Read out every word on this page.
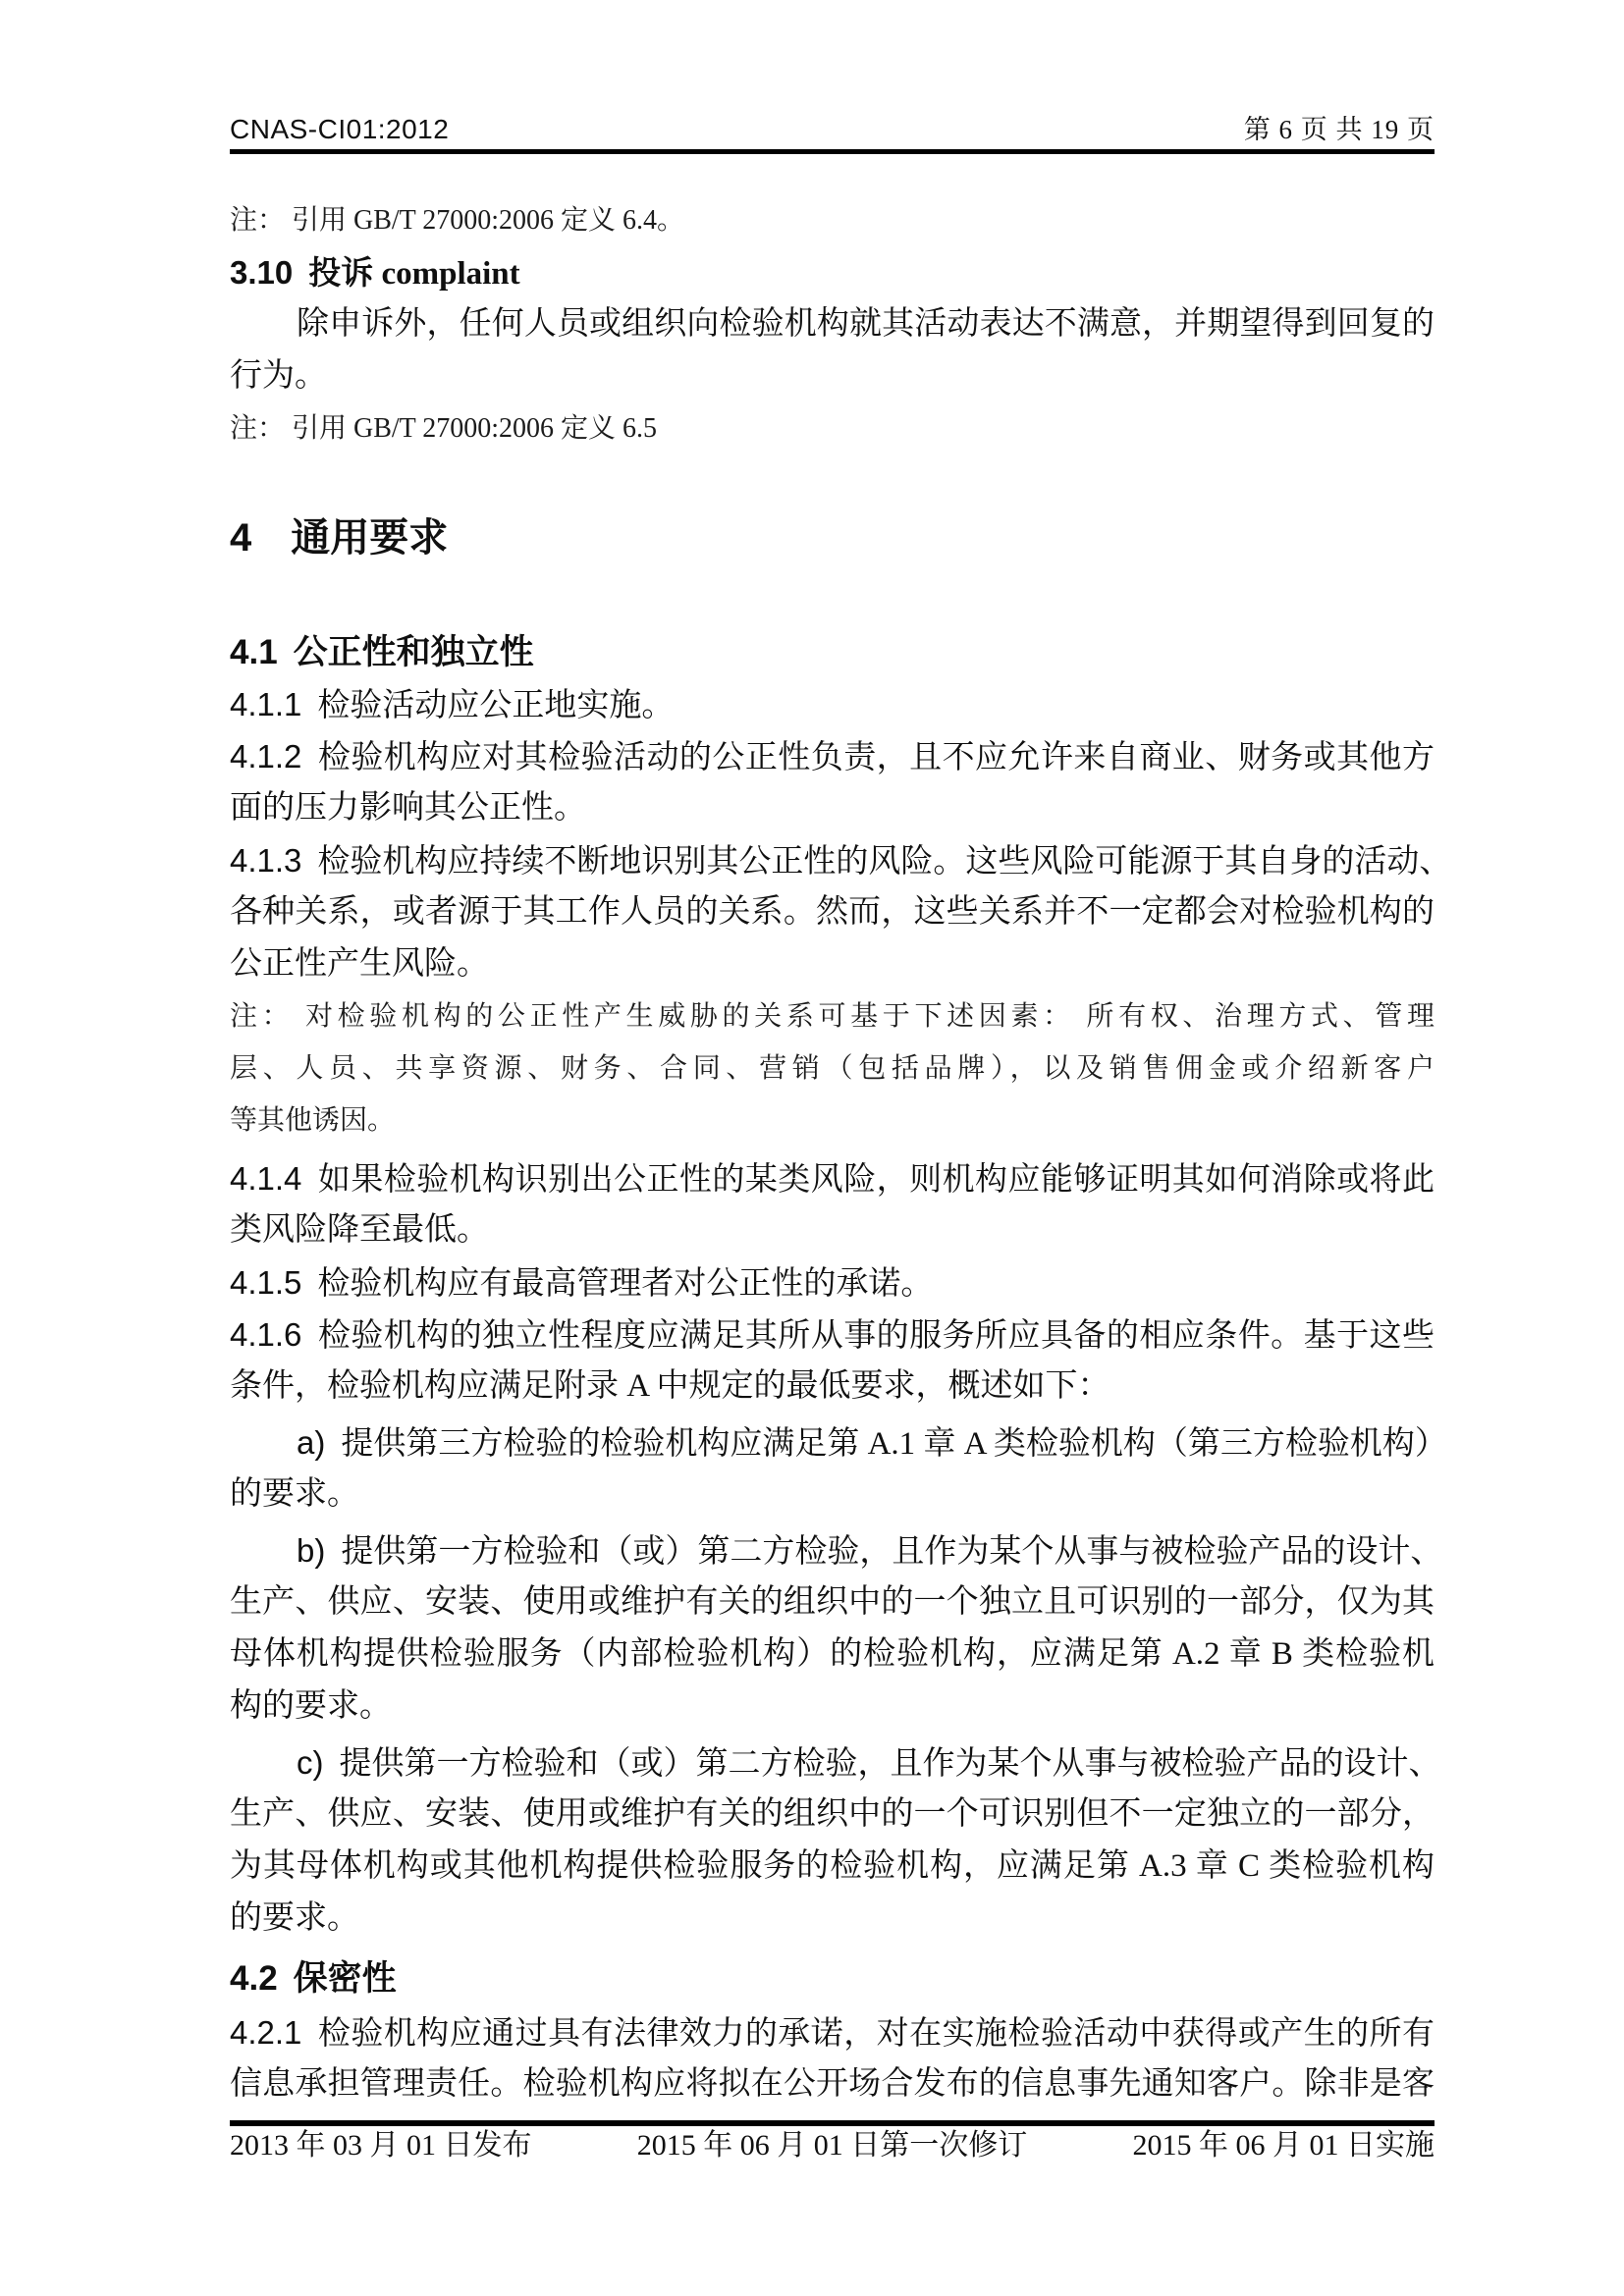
CNAS-CI01:2012	第 6 页 共 19 页
注： 引用 GB/T 27000:2006 定义 6.4。
3.10 投诉 complaint
除申诉外，任何人员或组织向检验机构就其活动表达不满意，并期望得到回复的
行为。
注： 引用 GB/T 27000:2006 定义 6.5
4 通用要求
4.1 公正性和独立性
4.1.1 检验活动应公正地实施。
4.1.2 检验机构应对其检验活动的公正性负责，且不应允许来自商业、财务或其他方
面的压力影响其公正性。
4.1.3 检验机构应持续不断地识别其公正性的风险。这些风险可能源于其自身的活动、
各种关系，或者源于其工作人员的关系。然而，这些关系并不一定都会对检验机构的
公正性产生风险。
注： 对检验机构的公正性产生威胁的关系可基于下述因素： 所有权、治理方式、管理
层、人员、共享资源、财务、合同、营销（包括品牌），以及销售佣金或介绍新客户
等其他诱因。
4.1.4 如果检验机构识别出公正性的某类风险，则机构应能够证明其如何消除或将此
类风险降至最低。
4.1.5 检验机构应有最高管理者对公正性的承诺。
4.1.6 检验机构的独立性程度应满足其所从事的服务所应具备的相应条件。基于这些
条件，检验机构应满足附录 A 中规定的最低要求，概述如下：
a) 提供第三方检验的检验机构应满足第 A.1 章 A 类检验机构（第三方检验机构）
的要求。
b) 提供第一方检验和（或）第二方检验，且作为某个从事与被检验产品的设计、
生产、供应、安装、使用或维护有关的组织中的一个独立且可识别的一部分，仅为其
母体机构提供检验服务（内部检验机构）的检验机构，应满足第 A.2 章 B 类检验机
构的要求。
c) 提供第一方检验和（或）第二方检验，且作为某个从事与被检验产品的设计、
生产、供应、安装、使用或维护有关的组织中的一个可识别但不一定独立的一部分，
为其母体机构或其他机构提供检验服务的检验机构，应满足第 A.3 章 C 类检验机构
的要求。
4.2 保密性
4.2.1 检验机构应通过具有法律效力的承诺，对在实施检验活动中获得或产生的所有
信息承担管理责任。检验机构应将拟在公开场合发布的信息事先通知客户。除非是客
2013 年 03 月 01 日发布	2015 年 06 月 01 日第一次修订	2015 年 06 月 01 日实施
